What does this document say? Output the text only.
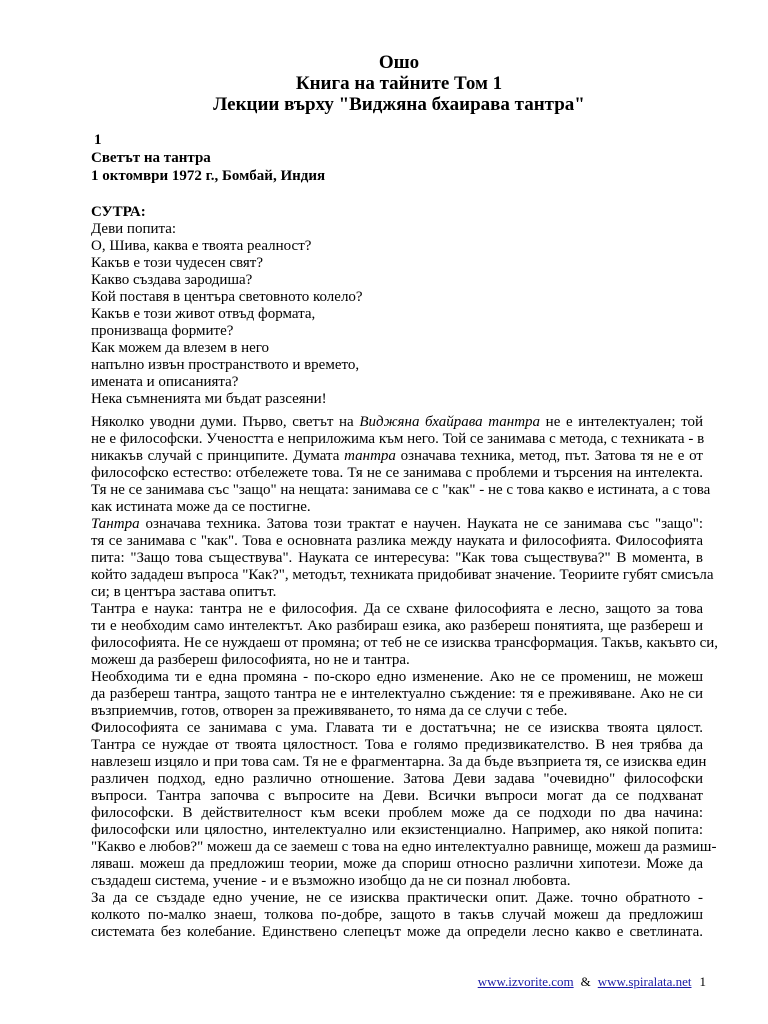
Ошо
Книга на тайните Том 1
Лекции върху "Виджяна бхаирава тантра"
1
Светът на тантра
1 октомври 1972 г., Бомбай, Индия
СУТРА:
Деви попита:
О, Шива, каква е твоята реалност?
Какъв е този чудесен свят?
Какво създава зародиша?
Кой поставя в центъра световното колело?
Какъв е този живот отвъд формата,
пронизваща формите?
Как можем да влезем в него
напълно извън пространството и времето,
имената и описанията?
Нека съмненията ми бъдат разсеяни!
Няколко уводни думи. Първо, светът на Виджяна бхайрава тантра не е интелектуален; той
не е философски. Учеността е неприложима към него. Той се занимава с метода, с техниката - в
никакъв случай с принципите. Думата тантра означава техника, метод, път. Затова тя не е от
философско естество: отбележете това. Тя не се занимава с проблеми и търсения на интелекта.
Тя не се занимава със "защо" на нещата: занимава се с "как" - не с това какво е истината, а с това
как истината може да се постигне.
Тантра означава техника. Затова този трактат е научен. Науката не се занимава със "защо":
тя се занимава с "как". Това е основната разлика между науката и философията. Философията
пита: "Защо това съществува". Науката се интересува: "Как това съществува?" В момента, в
който зададеш въпроса "Как?", методът, техниката придобиват значение. Теориите губят смисъла
си; в центъра застава опитът.
Тантра е наука: тантра не е философия. Да се схване философията е лесно, защото за това
ти е необходим само интелектът. Ако разбираш езика, ако разбереш понятията, ще разбереш и
философията. Не се нуждаеш от промяна; от теб не се изисква трансформация. Такъв, какъвто си,
можеш да разбереш философията, но не и тантра.
Необходима ти е една промяна - по-скоро едно изменение. Ако не се промениш, не можеш
да разбереш тантра, защото тантра не е интелектуално съждение: тя е преживяване. Ако не си
възприемчив, готов, отворен за преживяването, то няма да се случи с тебе.
Философията се занимава с ума. Главата ти е достатъчна; не се изисква твоята цялост.
Тантра се нуждае от твоята цялостност. Това е голямо предизвикателство. В нея трябва да
навлезеш изцяло и при това сам. Тя не е фрагментарна. За да бъде възприета тя, се изисква един
различен подход, едно различно отношение. Затова Деви задава "очевидно" философски
въпроси. Тантра започва с въпросите на Деви. Всички въпроси могат да се подхванат
философски. В действителност към всеки проблем може да се подходи по два начина:
философски или цялостно, интелектуално или екзистенциално. Например, ако някой попита:
"Какво е любов?" можеш да се заемеш с това на едно интелектуално равнище, можеш да размиш-
ляваш. можеш да предложиш теории, може да спориш относно различни хипотези. Може да
създадеш система, учение - и е възможно изобщо да не си познал любовта.
За да се създаде едно учение, не се изисква практически опит. Даже. точно обратното -
колкото по-малко знаеш, толкова по-добре, защото в такъв случай можеш да предложиш
системата без колебание. Единствено слепецът може да определи лесно какво е светлината.
www.izvorite.com & www.spiralata.net 1
